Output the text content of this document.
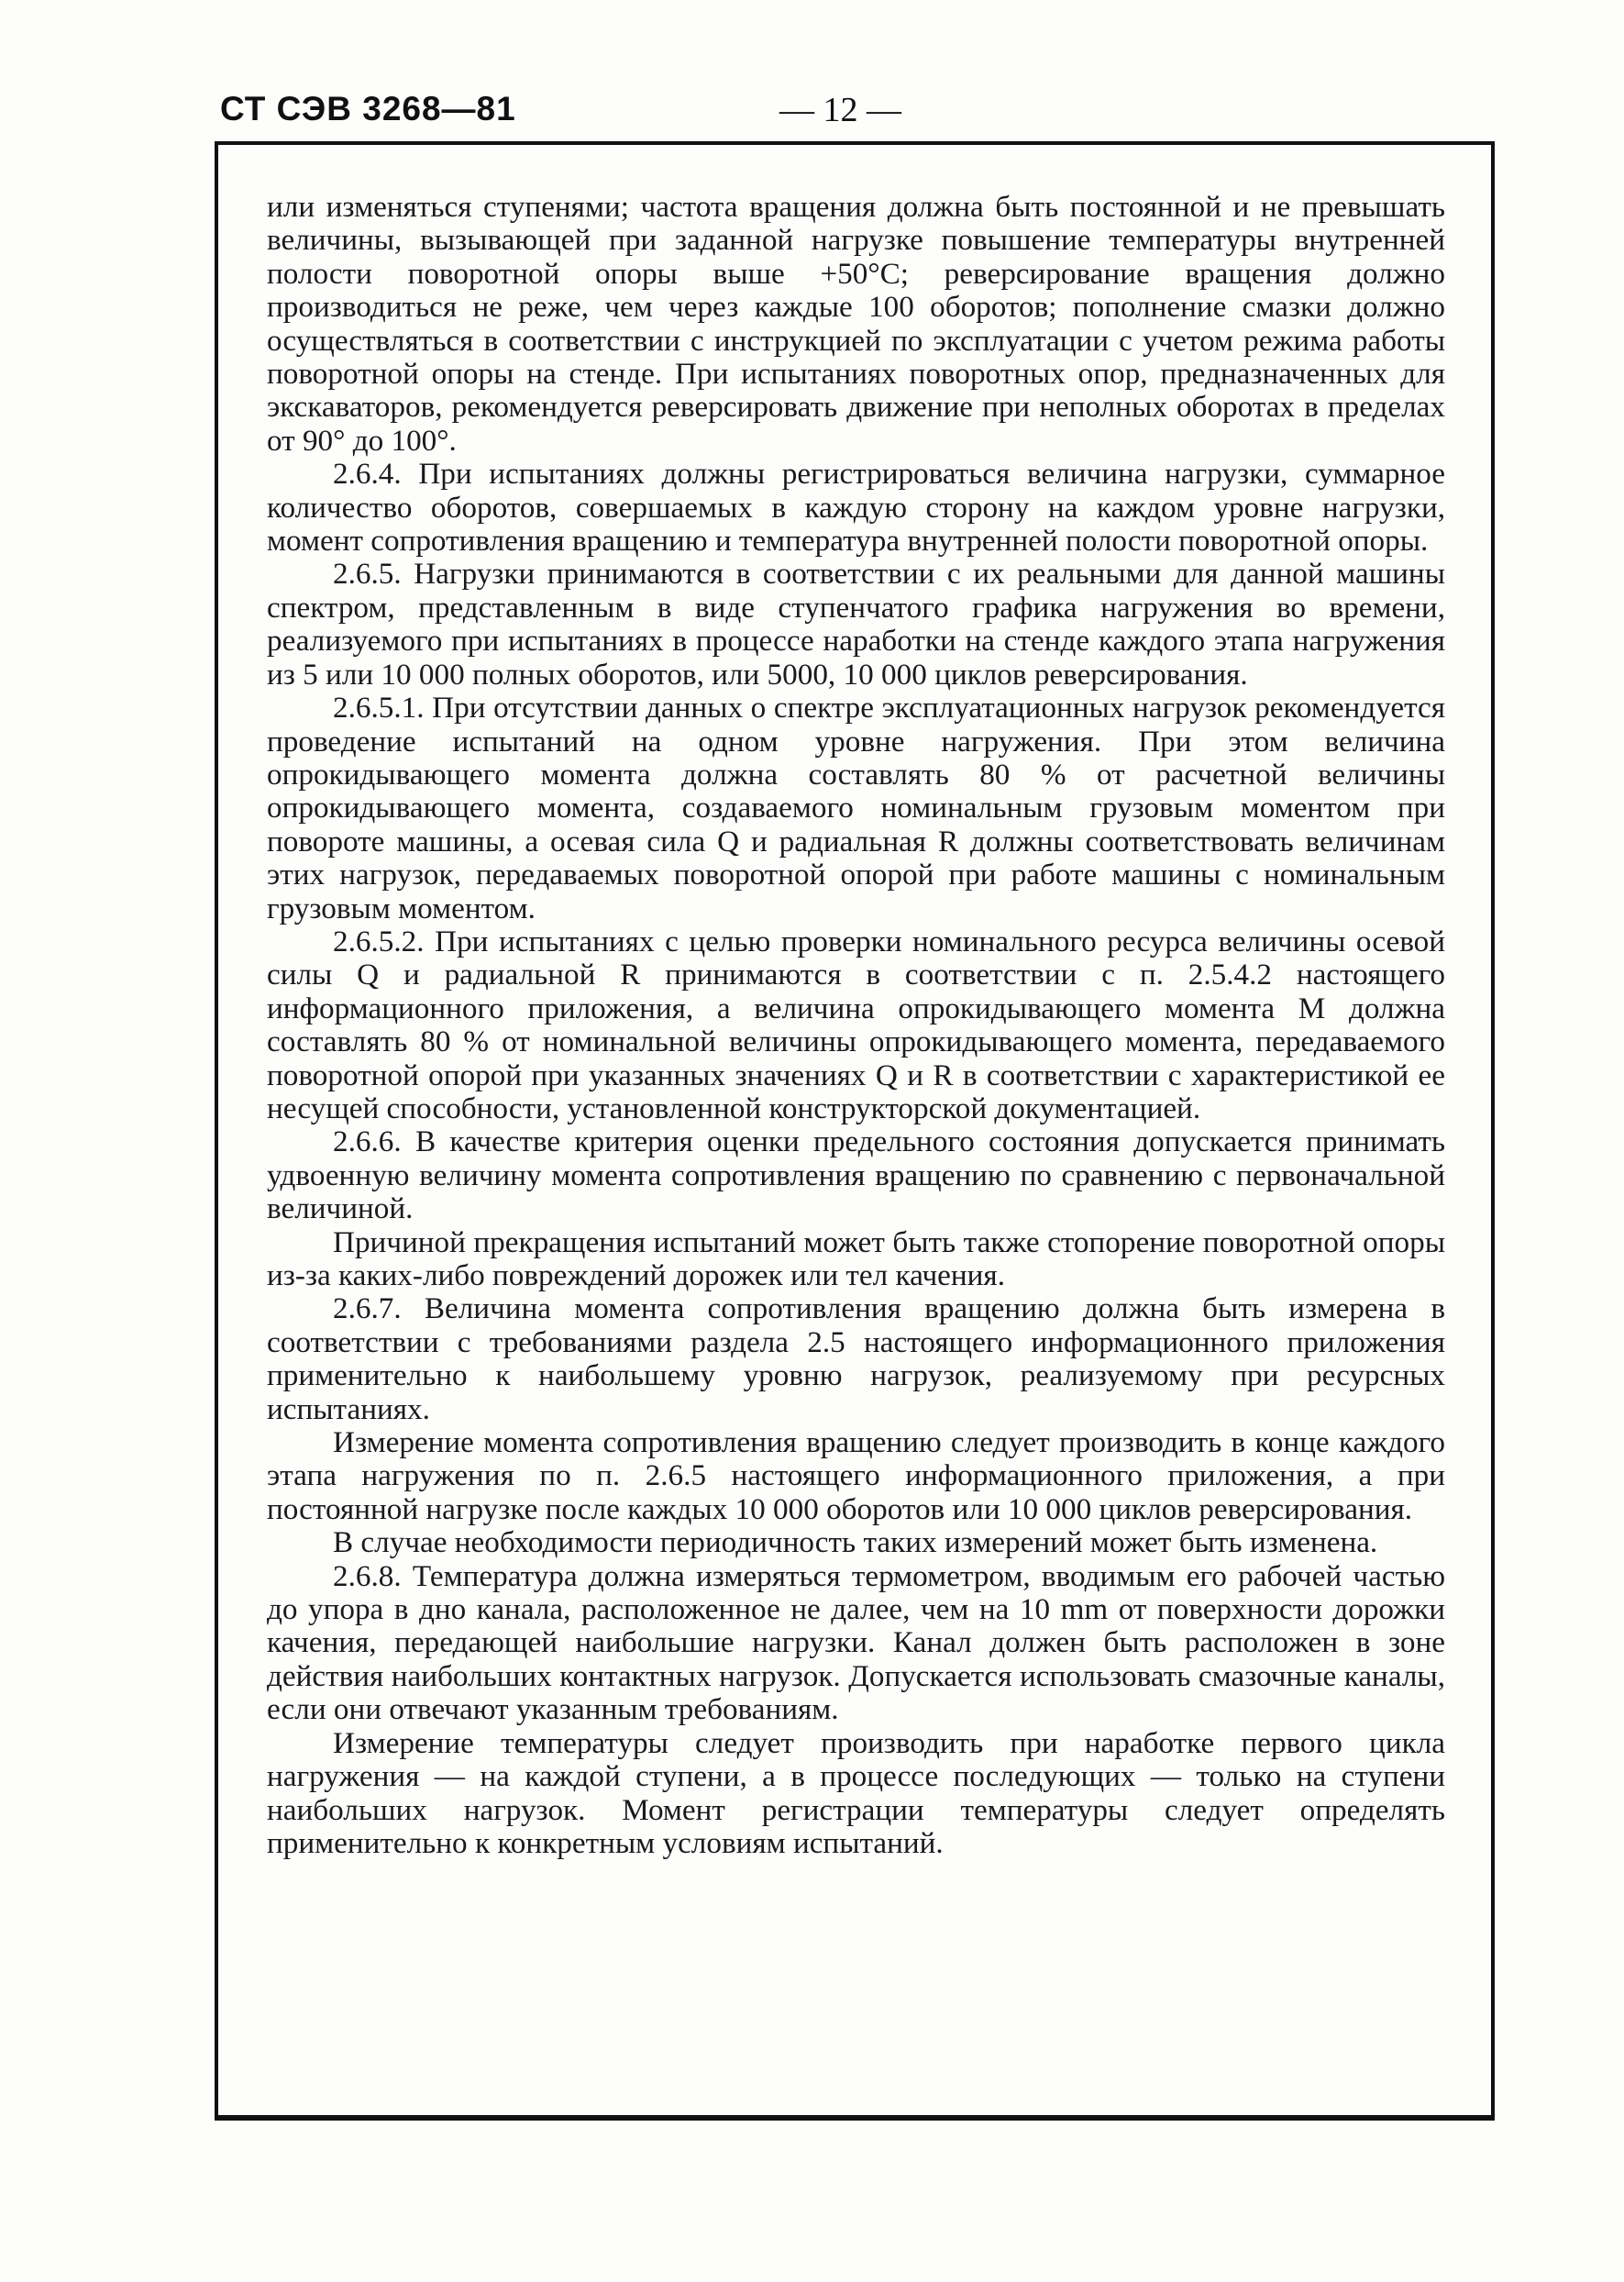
СТ СЭВ 3268—81	— 12 —

или изменяться ступенями; частота вращения должна быть постоянной и не превышать величины, вызывающей при заданной нагрузке повышение температуры внутренней полости поворотной опоры выше +50°С; реверсирование вращения должно производиться не реже, чем через каждые 100 оборотов; пополнение смазки должно осуществляться в соответствии с инструкцией по эксплуатации с учетом режима работы поворотной опоры на стенде. При испытаниях поворотных опор, предназначенных для экскаваторов, рекомендуется реверсировать движение при неполных оборотах в пределах от 90° до 100°.

2.6.4. При испытаниях должны регистрироваться величина нагрузки, суммарное количество оборотов, совершаемых в каждую сторону на каждом уровне нагрузки, момент сопротивления вращению и температура внутренней полости поворотной опоры.

2.6.5. Нагрузки принимаются в соответствии с их реальными для данной машины спектром, представленным в виде ступенчатого графика нагружения во времени, реализуемого при испытаниях в процессе наработки на стенде каждого этапа нагружения из 5 или 10 000 полных оборотов, или 5000, 10 000 циклов реверсирования.

2.6.5.1. При отсутствии данных о спектре эксплуатационных нагрузок рекомендуется проведение испытаний на одном уровне нагружения. При этом величина опрокидывающего момента должна составлять 80 % от расчетной величины опрокидывающего момента, создаваемого номинальным грузовым моментом при повороте машины, а осевая сила Q и радиальная R должны соответствовать величинам этих нагрузок, передаваемых поворотной опорой при работе машины с номинальным грузовым моментом.

2.6.5.2. При испытаниях с целью проверки номинального ресурса величины осевой силы Q и радиальной R принимаются в соответствии с п. 2.5.4.2 настоящего информационного приложения, а величина опрокидывающего момента М должна составлять 80 % от номинальной величины опрокидывающего момента, передаваемого поворотной опорой при указанных значениях Q и R в соответствии с характеристикой ее несущей способности, установленной конструкторской документацией.

2.6.6. В качестве критерия оценки предельного состояния допускается принимать удвоенную величину момента сопротивления вращению по сравнению с первоначальной величиной.

Причиной прекращения испытаний может быть также стопорение поворотной опоры из-за каких-либо повреждений дорожек или тел качения.

2.6.7. Величина момента сопротивления вращению должна быть измерена в соответствии с требованиями раздела 2.5 настоящего информационного приложения применительно к наибольшему уровню нагрузок, реализуемому при ресурсных испытаниях.

Измерение момента сопротивления вращению следует производить в конце каждого этапа нагружения по п. 2.6.5 настоящего информационного приложения, а при постоянной нагрузке после каждых 10 000 оборотов или 10 000 циклов реверсирования.

В случае необходимости периодичность таких измерений может быть изменена.

2.6.8. Температура должна измеряться термометром, вводимым его рабочей частью до упора в дно канала, расположенное не далее, чем на 10 mm от поверхности дорожки качения, передающей наибольшие нагрузки. Канал должен быть расположен в зоне действия наибольших контактных нагрузок. Допускается использовать смазочные каналы, если они отвечают указанным требованиям.

Измерение температуры следует производить при наработке первого цикла нагружения — на каждой ступени, а в процессе последующих — только на ступени наибольших нагрузок. Момент регистрации температуры следует определять применительно к конкретным условиям испытаний.
